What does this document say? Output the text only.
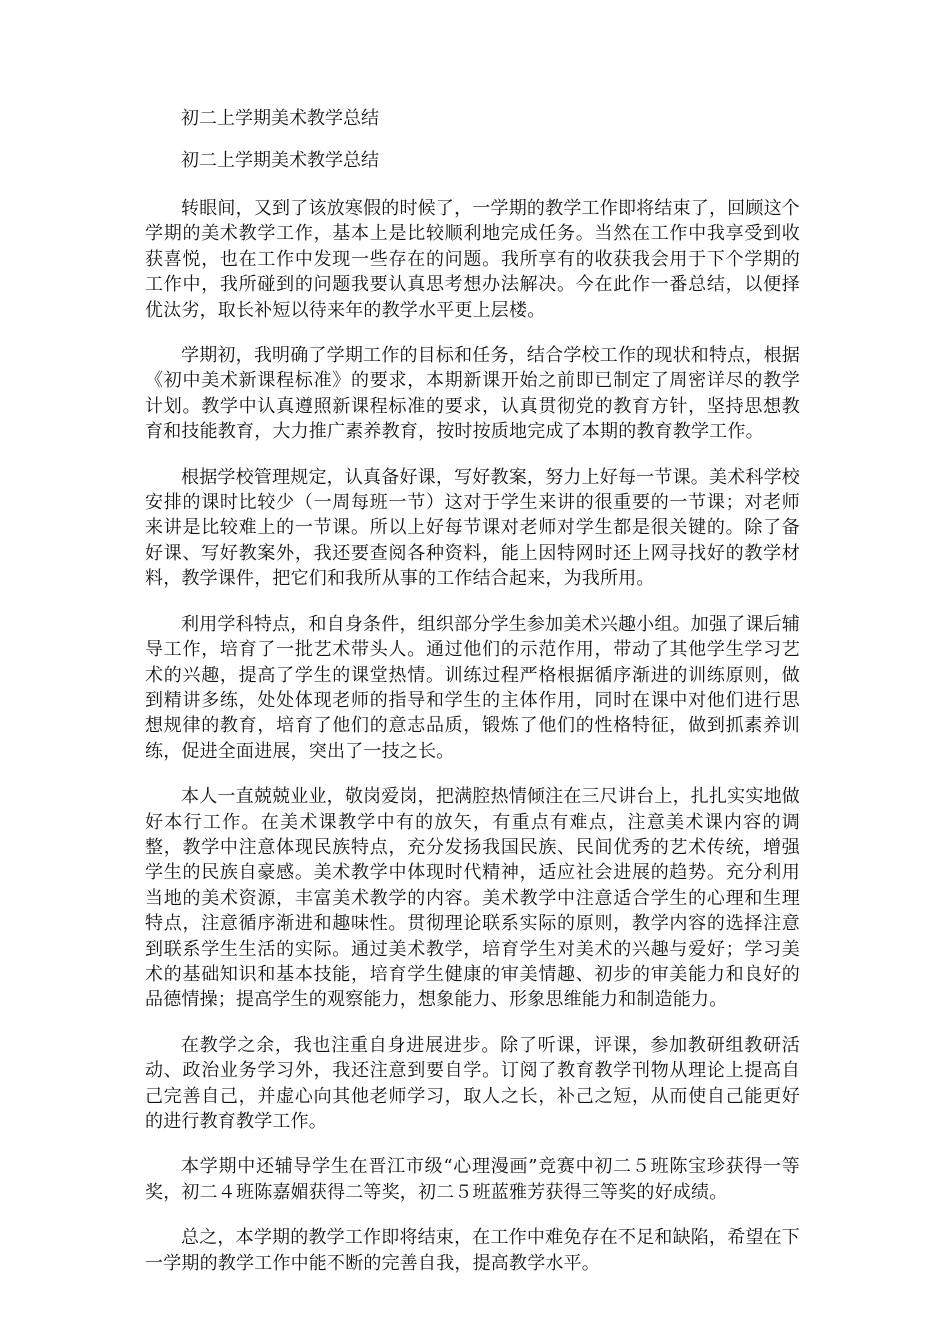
初二上学期美术教学总结
初二上学期美术教学总结

转眼间，又到了该放寒假的时候了，一学期的教学工作即将结束了，回顾这个学期的美术教学工作，基本上是比较顺利地完成任务。当然在工作中我享受到收获喜悦，也在工作中发现一些存在的问题。我所享有的收获我会用于下个学期的工作中，我所碰到的问题我要认真思考想办法解决。今在此作一番总结，以便择优汰劣，取长补短以待来年的教学水平更上层楼。

学期初，我明确了学期工作的目标和任务，结合学校工作的现状和特点，根据《初中美术新课程标准》的要求，本期新课开始之前即已制定了周密详尽的教学计划。教学中认真遵照新课程标准的要求，认真贯彻党的教育方针，坚持思想教育和技能教育，大力推广素养教育，按时按质地完成了本期的教育教学工作。

根据学校管理规定，认真备好课，写好教案，努力上好每一节课。美术科学校安排的课时比较少（一周每班一节）这对于学生来讲的很重要的一节课；对老师来讲是比较难上的一节课。所以上好每节课对老师对学生都是很关键的。除了备好课、写好教案外，我还要查阅各种资料，能上因特网时还上网寻找好的教学材料，教学课件，把它们和我所从事的工作结合起来，为我所用。

利用学科特点，和自身条件，组织部分学生参加美术兴趣小组。加强了课后辅导工作，培育了一批艺术带头人。通过他们的示范作用，带动了其他学生学习艺术的兴趣，提高了学生的课堂热情。训练过程严格根据循序渐进的训练原则，做到精讲多练，处处体现老师的指导和学生的主体作用，同时在课中对他们进行思想规律的教育，培育了他们的意志品质，锻炼了他们的性格特征，做到抓素养训练，促进全面进展，突出了一技之长。

本人一直兢兢业业，敬岗爱岗，把满腔热情倾注在三尺讲台上，扎扎实实地做好本行工作。在美术课教学中有的放矢，有重点有难点，注意美术课内容的调整，教学中注意体现民族特点，充分发扬我国民族、民间优秀的艺术传统，增强学生的民族自豪感。美术教学中体现时代精神，适应社会进展的趋势。充分利用当地的美术资源，丰富美术教学的内容。美术教学中注意适合学生的心理和生理特点，注意循序渐进和趣味性。贯彻理论联系实际的原则，教学内容的选择注意到联系学生生活的实际。通过美术教学，培育学生对美术的兴趣与爱好；学习美术的基础知识和基本技能，培育学生健康的审美情趣、初步的审美能力和良好的品德情操；提高学生的观察能力，想象能力、形象思维能力和制造能力。

在教学之余，我也注重自身进展进步。除了听课，评课，参加教研组教研活动、政治业务学习外，我还注意到要自学。订阅了教育教学刊物从理论上提高自己完善自己，并虚心向其他老师学习，取人之长，补己之短，从而使自己能更好的进行教育教学工作。

本学期中还辅导学生在晋江市级“心理漫画”竞赛中初二５班陈宝珍获得一等奖，初二４班陈嘉媚获得二等奖，初二５班蓝雅芳获得三等奖的好成绩。

总之，本学期的教学工作即将结束，在工作中难免存在不足和缺陷，希望在下一学期的教学工作中能不断的完善自我，提高教学水平。
